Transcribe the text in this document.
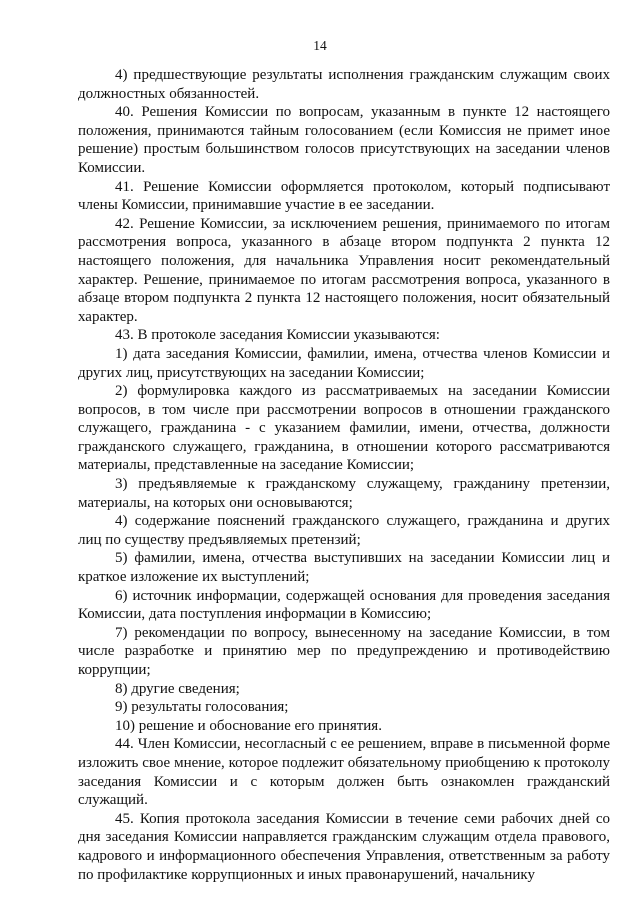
14

4) предшествующие результаты исполнения гражданским служащим своих должностных обязанностей.

40. Решения Комиссии по вопросам, указанным в пункте 12 настоящего положения, принимаются тайным голосованием (если Комиссия не примет иное решение) простым большинством голосов присутствующих на заседании членов Комиссии.

41. Решение Комиссии оформляется протоколом, который подписывают члены Комиссии, принимавшие участие в ее заседании.

42. Решение Комиссии, за исключением решения, принимаемого по итогам рассмотрения вопроса, указанного в абзаце втором подпункта 2 пункта 12 настоящего положения, для начальника Управления носит рекомендательный характер. Решение, принимаемое по итогам рассмотрения вопроса, указанного в абзаце втором подпункта 2 пункта 12 настоящего положения, носит обязательный характер.

43. В протоколе заседания Комиссии указываются:

1) дата заседания Комиссии, фамилии, имена, отчества членов Комиссии и других лиц, присутствующих на заседании Комиссии;

2) формулировка каждого из рассматриваемых на заседании Комиссии вопросов, в том числе при рассмотрении вопросов в отношении гражданского служащего, гражданина - с указанием фамилии, имени, отчества, должности гражданского служащего, гражданина, в отношении которого рассматриваются материалы, представленные на заседание Комиссии;

3) предъявляемые к гражданскому служащему, гражданину претензии, материалы, на которых они основываются;

4) содержание пояснений гражданского служащего, гражданина и других лиц по существу предъявляемых претензий;

5) фамилии, имена, отчества выступивших на заседании Комиссии лиц и краткое изложение их выступлений;

6) источник информации, содержащей основания для проведения заседания Комиссии, дата поступления информации в Комиссию;

7) рекомендации по вопросу, вынесенному на заседание Комиссии, в том числе разработке и принятию мер по предупреждению и противодействию коррупции;

8) другие сведения;

9) результаты голосования;

10) решение и обоснование его принятия.

44. Член Комиссии, несогласный с ее решением, вправе в письменной форме изложить свое мнение, которое подлежит обязательному приобщению к протоколу заседания Комиссии и с которым должен быть ознакомлен гражданский служащий.

45. Копия протокола заседания Комиссии в течение семи рабочих дней со дня заседания Комиссии направляется гражданским служащим отдела правового, кадрового и информационного обеспечения Управления, ответственным за работу по профилактике коррупционных и иных правонарушений, начальнику
